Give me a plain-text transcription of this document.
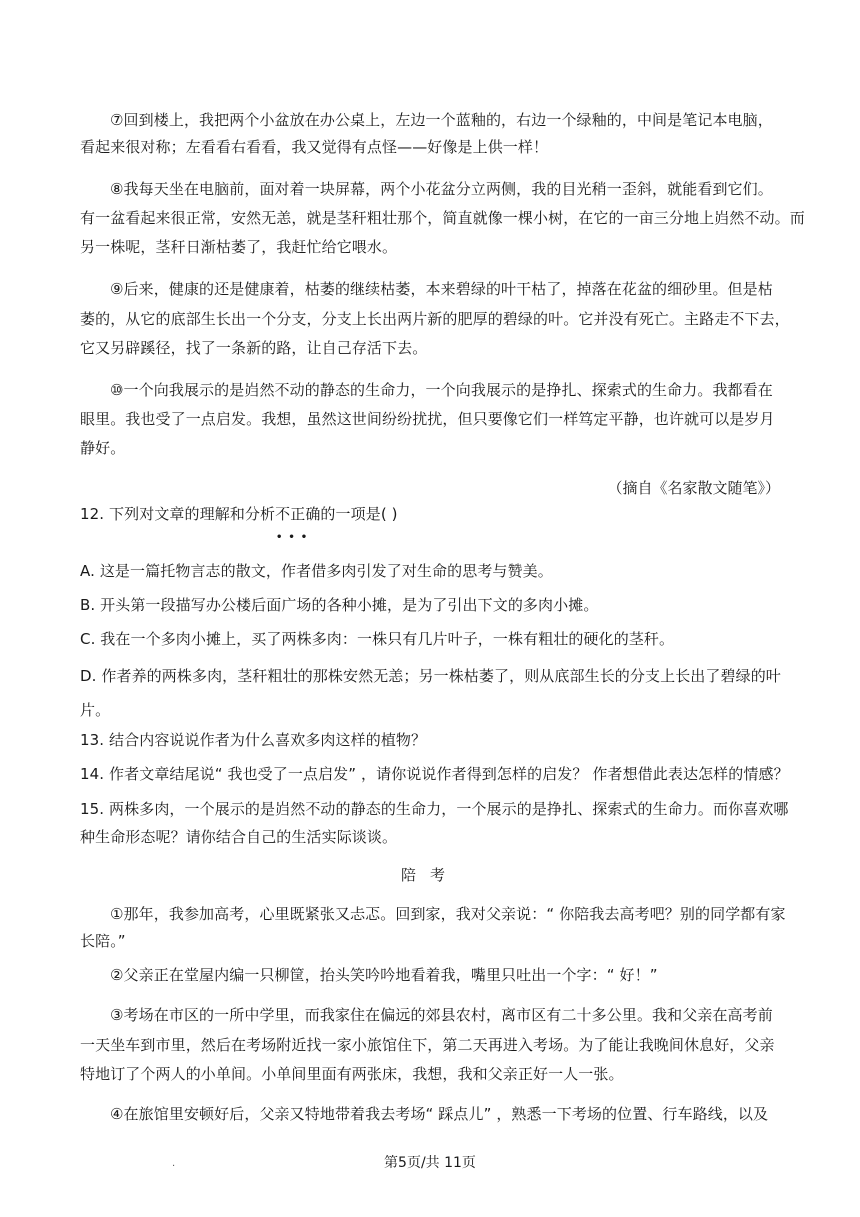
⑦回到楼上，我把两个小盆放在办公桌上，左边一个蓝釉的，右边一个绿釉的，中间是笔记本电脑，
看起来很对称；左看看右看看，我又觉得有点怪——好像是上供一样！
⑧我每天坐在电脑前，面对着一块屏幕，两个小花盆分立两侧，我的目光稍一歪斜，就能看到它们。
有一盆看起来很正常，安然无恙，就是茎秆粗壮那个，简直就像一棵小树，在它的一亩三分地上岿然不动。而
另一株呢，茎秆日渐枯萎了，我赶忙给它喂水。
⑨后来，健康的还是健康着，枯萎的继续枯萎，本来碧绿的叶干枯了，掉落在花盆的细砂里。但是枯
萎的，从它的底部生长出一个分支，分支上长出两片新的肥厚的碧绿的叶。它并没有死亡。主路走不下去，
它又另辟蹊径，找了一条新的路，让自己存活下去。
⑩一个向我展示的是岿然不动的静态的生命力，一个向我展示的是挣扎、探索式的生命力。我都看在
眼里。我也受了一点启发。我想，虽然这世间纷纷扰扰，但只要像它们一样笃定平静，也许就可以是岁月
静好。
（摘自《名家散文随笔》）
12. 下列对文章的理解和分析不正确的一项是( )
•••
A. 这是一篇托物言志的散文，作者借多肉引发了对生命的思考与赞美。
B. 开头第一段描写办公楼后面广场的各种小摊，是为了引出下文的多肉小摊。
C. 我在一个多肉小摊上，买了两株多肉：一株只有几片叶子，一株有粗壮的硬化的茎秆。
D. 作者养的两株多肉，茎秆粗壮的那株安然无恙；另一株枯萎了，则从底部生长的分支上长出了碧绿的叶
片。
13. 结合内容说说作者为什么喜欢多肉这样的植物？
14. 作者文章结尾说“ 我也受了一点启发” ，请你说说作者得到怎样的启发？ 作者想借此表达怎样的情感？
15. 两株多肉，一个展示的是岿然不动的静态的生命力，一个展示的是挣扎、探索式的生命力。而你喜欢哪
种生命形态呢？请你结合自己的生活实际谈谈。
陪考
①那年，我参加高考，心里既紧张又忐忑。回到家，我对父亲说：“ 你陪我去高考吧？别的同学都有家
长陪。”
②父亲正在堂屋内编一只柳筐，抬头笑吟吟地看着我，嘴里只吐出一个字：“ 好！”
③考场在市区的一所中学里，而我家住在偏远的郊县农村，离市区有二十多公里。我和父亲在高考前
一天坐车到市里，然后在考场附近找一家小旅馆住下，第二天再进入考场。为了能让我晚间休息好，父亲
特地订了个两人的小单间。小单间里面有两张床，我想，我和父亲正好一人一张。
④在旅馆里安顿好后，父亲又特地带着我去考场“ 踩点儿” ，熟悉一下考场的位置、行车路线，以及
.	第5页/共 11页
